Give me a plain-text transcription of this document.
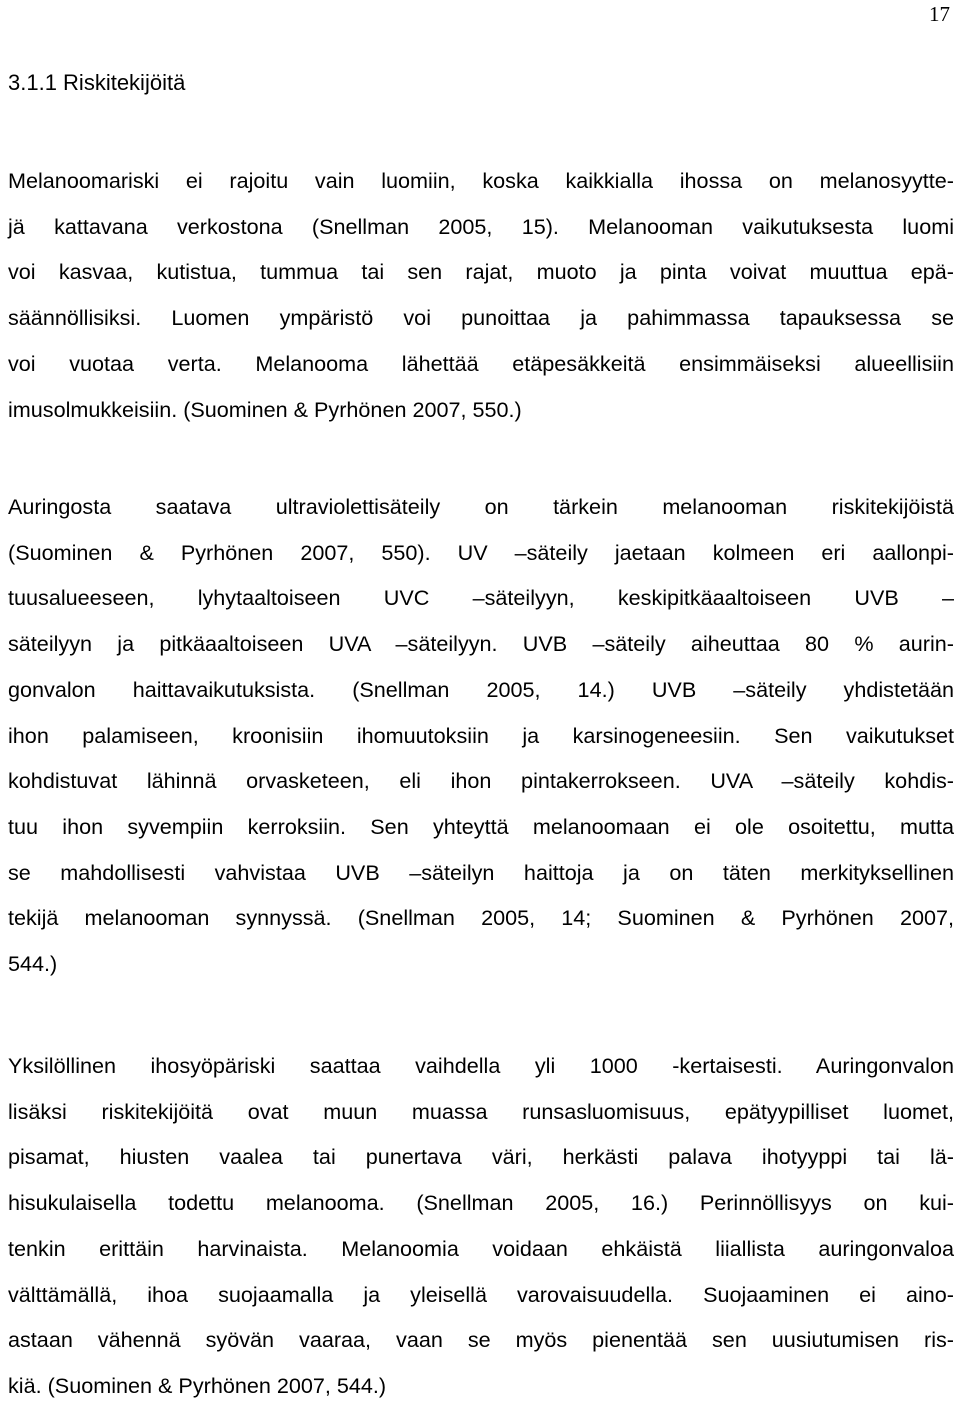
17
3.1.1 Riskitekijöitä

Melanoomariski ei rajoitu vain luomiin, koska kaikkialla ihossa on melanosyytte-
jä kattavana verkostona (Snellman 2005, 15). Melanooman vaikutuksesta luomi
voi kasvaa, kutistua, tummua tai sen rajat, muoto ja pinta voivat muuttua epä-
säännöllisiksi. Luomen ympäristö voi punoittaa ja pahimmassa tapauksessa se
voi vuotaa verta. Melanooma lähettää etäpesäkkeitä ensimmäiseksi alueellisiin
imusolmukkeisiin. (Suominen & Pyrhönen 2007, 550.)

Auringosta saatava ultraviolettisäteily on tärkein melanooman riskitekijöistä
(Suominen & Pyrhönen 2007, 550). UV –säteily jaetaan kolmeen eri aallonpi-
tuusalueeseen, lyhytaaltoiseen UVC –säteilyyn, keskipitkäaaltoiseen UVB –
säteilyyn ja pitkäaaltoiseen UVA –säteilyyn. UVB –säteily aiheuttaa 80 % aurin-
gonvalon haittavaikutuksista. (Snellman 2005, 14.) UVB –säteily yhdistetään
ihon palamiseen, kroonisiin ihomuutoksiin ja karsinogeneesiin. Sen vaikutukset
kohdistuvat lähinnä orvasketeen, eli ihon pintakerrokseen. UVA –säteily kohdis-
tuu ihon syvempiin kerroksiin. Sen yhteyttä melanoomaan ei ole osoitettu, mutta
se mahdollisesti vahvistaa UVB –säteilyn haittoja ja on täten merkityksellinen
tekijä melanooman synnyssä. (Snellman 2005, 14; Suominen & Pyrhönen 2007,
544.)

Yksilöllinen ihosyöpäriski saattaa vaihdella yli 1000 -kertaisesti. Auringonvalon
lisäksi riskitekijöitä ovat muun muassa runsasluomisuus, epätyypilliset luomet,
pisamat, hiusten vaalea tai punertava väri, herkästi palava ihotyyppi tai lä-
hisukulaisella todettu melanooma. (Snellman 2005, 16.) Perinnöllisyys on kui-
tenkin erittäin harvinaista. Melanoomia voidaan ehkäistä liiallista auringonvaloa
välttämällä, ihoa suojaamalla ja yleisellä varovaisuudella. Suojaaminen ei aino-
astaan vähennä syövän vaaraa, vaan se myös pienentää sen uusiutumisen ris-
kiä. (Suominen & Pyrhönen 2007, 544.)
